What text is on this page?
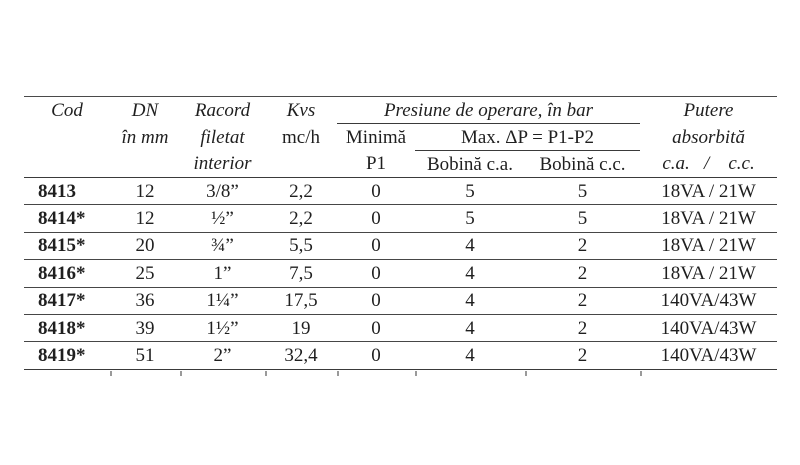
Cod	DN	Racord	Kvs	Presiune de operare, în bar			Putere
	în mm	filetat	mc/h	Minimă	Max. ΔP = P1-P2		absorbită
		interior		P1	Bobină c.a.	Bobină c.c.	c.a.   /    c.c.
8413	12	3/8”	2,2	0	5	5	18VA / 21W
8414*	12	½”	2,2	0	5	5	18VA / 21W
8415*	20	¾”	5,5	0	4	2	18VA / 21W
8416*	25	1”	7,5	0	4	2	18VA / 21W
8417*	36	1¼”	17,5	0	4	2	140VA/43W
8418*	39	1½”	19	0	4	2	140VA/43W
8419*	51	2”	32,4	0	4	2	140VA/43W
